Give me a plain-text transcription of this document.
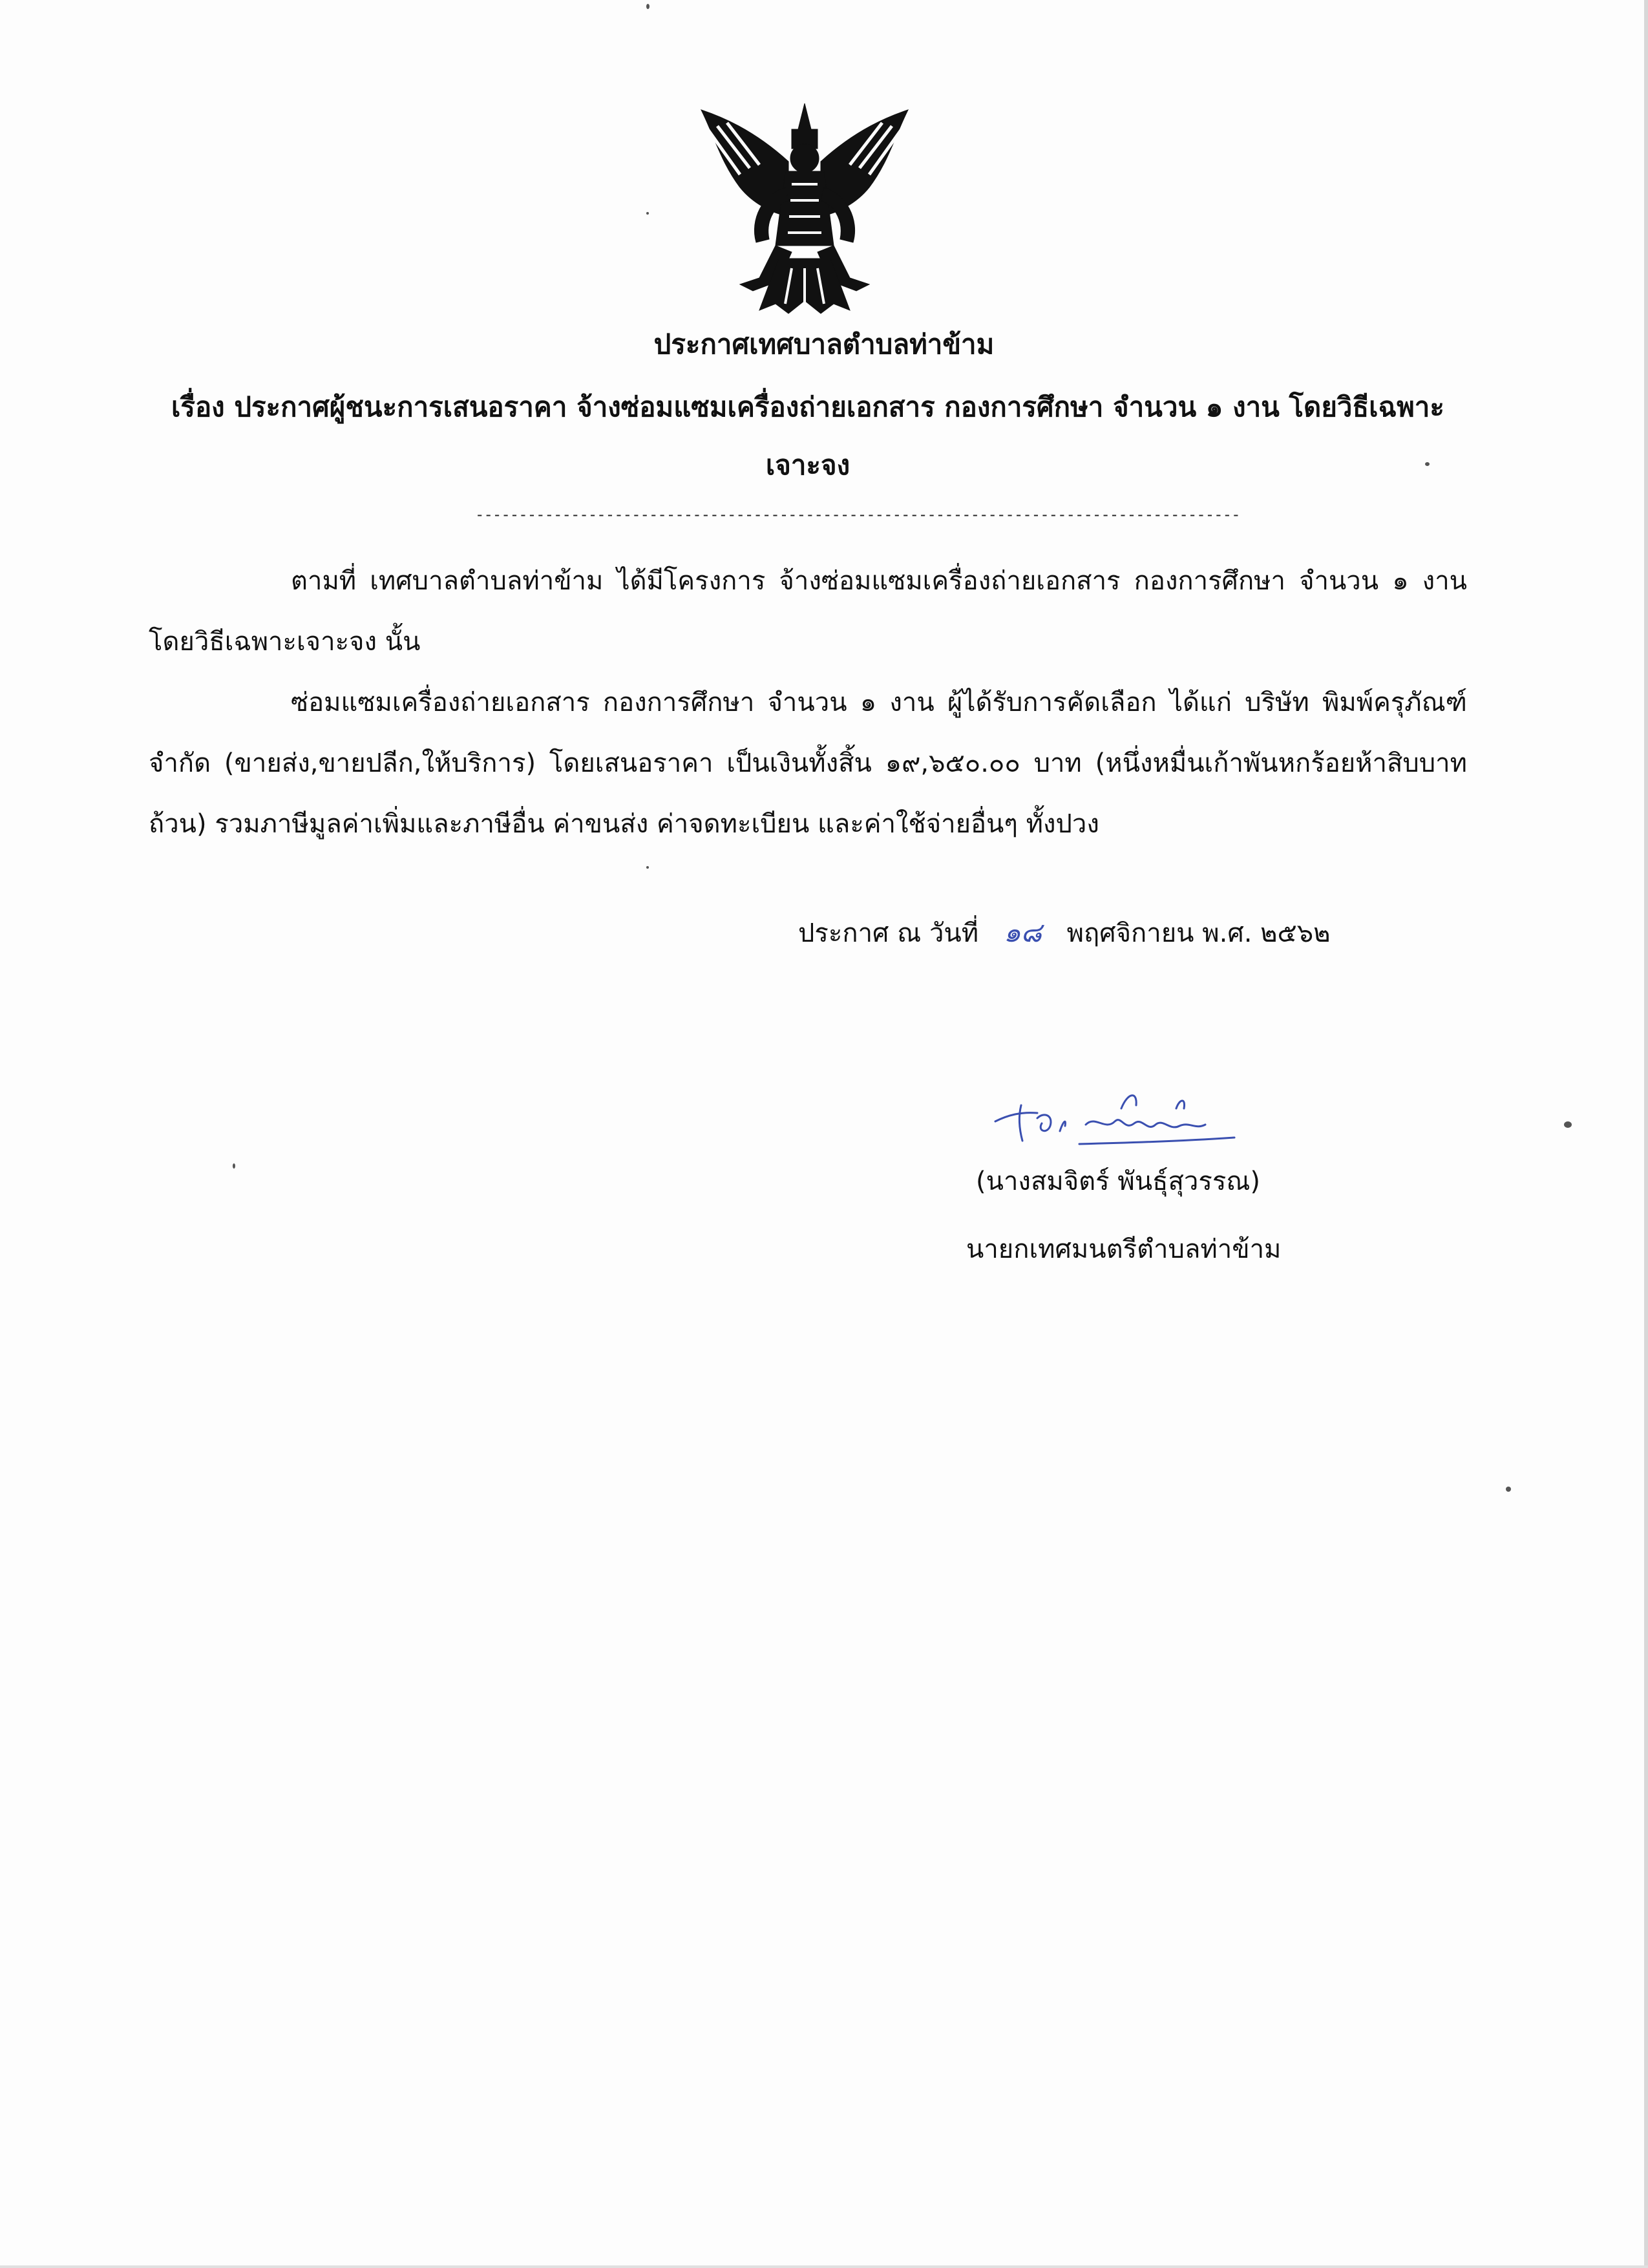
ประกาศเทศบาลตำบลท่าข้าม
เรื่อง ประกาศผู้ชนะการเสนอราคา จ้างซ่อมแซมเครื่องถ่ายเอกสาร กองการศึกษา จำนวน ๑ งาน โดยวิธีเฉพาะเจาะจง
----------------------------------------------------------------------------------------
ตามที่ เทศบาลตำบลท่าข้าม ได้มีโครงการ จ้างซ่อมแซมเครื่องถ่ายเอกสาร กองการศึกษา จำนวน ๑ งาน โดยวิธีเฉพาะเจาะจง นั้น
ซ่อมแซมเครื่องถ่ายเอกสาร กองการศึกษา จำนวน ๑ งาน ผู้ได้รับการคัดเลือก ได้แก่ บริษัท พิมพ์ครุภัณฑ์ จำกัด (ขายส่ง,ขายปลีก,ให้บริการ) โดยเสนอราคา เป็นเงินทั้งสิ้น ๑๙,๖๕๐.๐๐ บาท (หนึ่งหมื่นเก้าพันหกร้อยห้าสิบบาทถ้วน) รวมภาษีมูลค่าเพิ่มและภาษีอื่น ค่าขนส่ง ค่าจดทะเบียน และค่าใช้จ่ายอื่นๆ ทั้งปวง
ประกาศ ณ วันที่ ๑๘ พฤศจิกายน พ.ศ. ๒๕๖๒
(นางสมจิตร์ พันธุ์สุวรรณ)
นายกเทศมนตรีตำบลท่าข้าม
